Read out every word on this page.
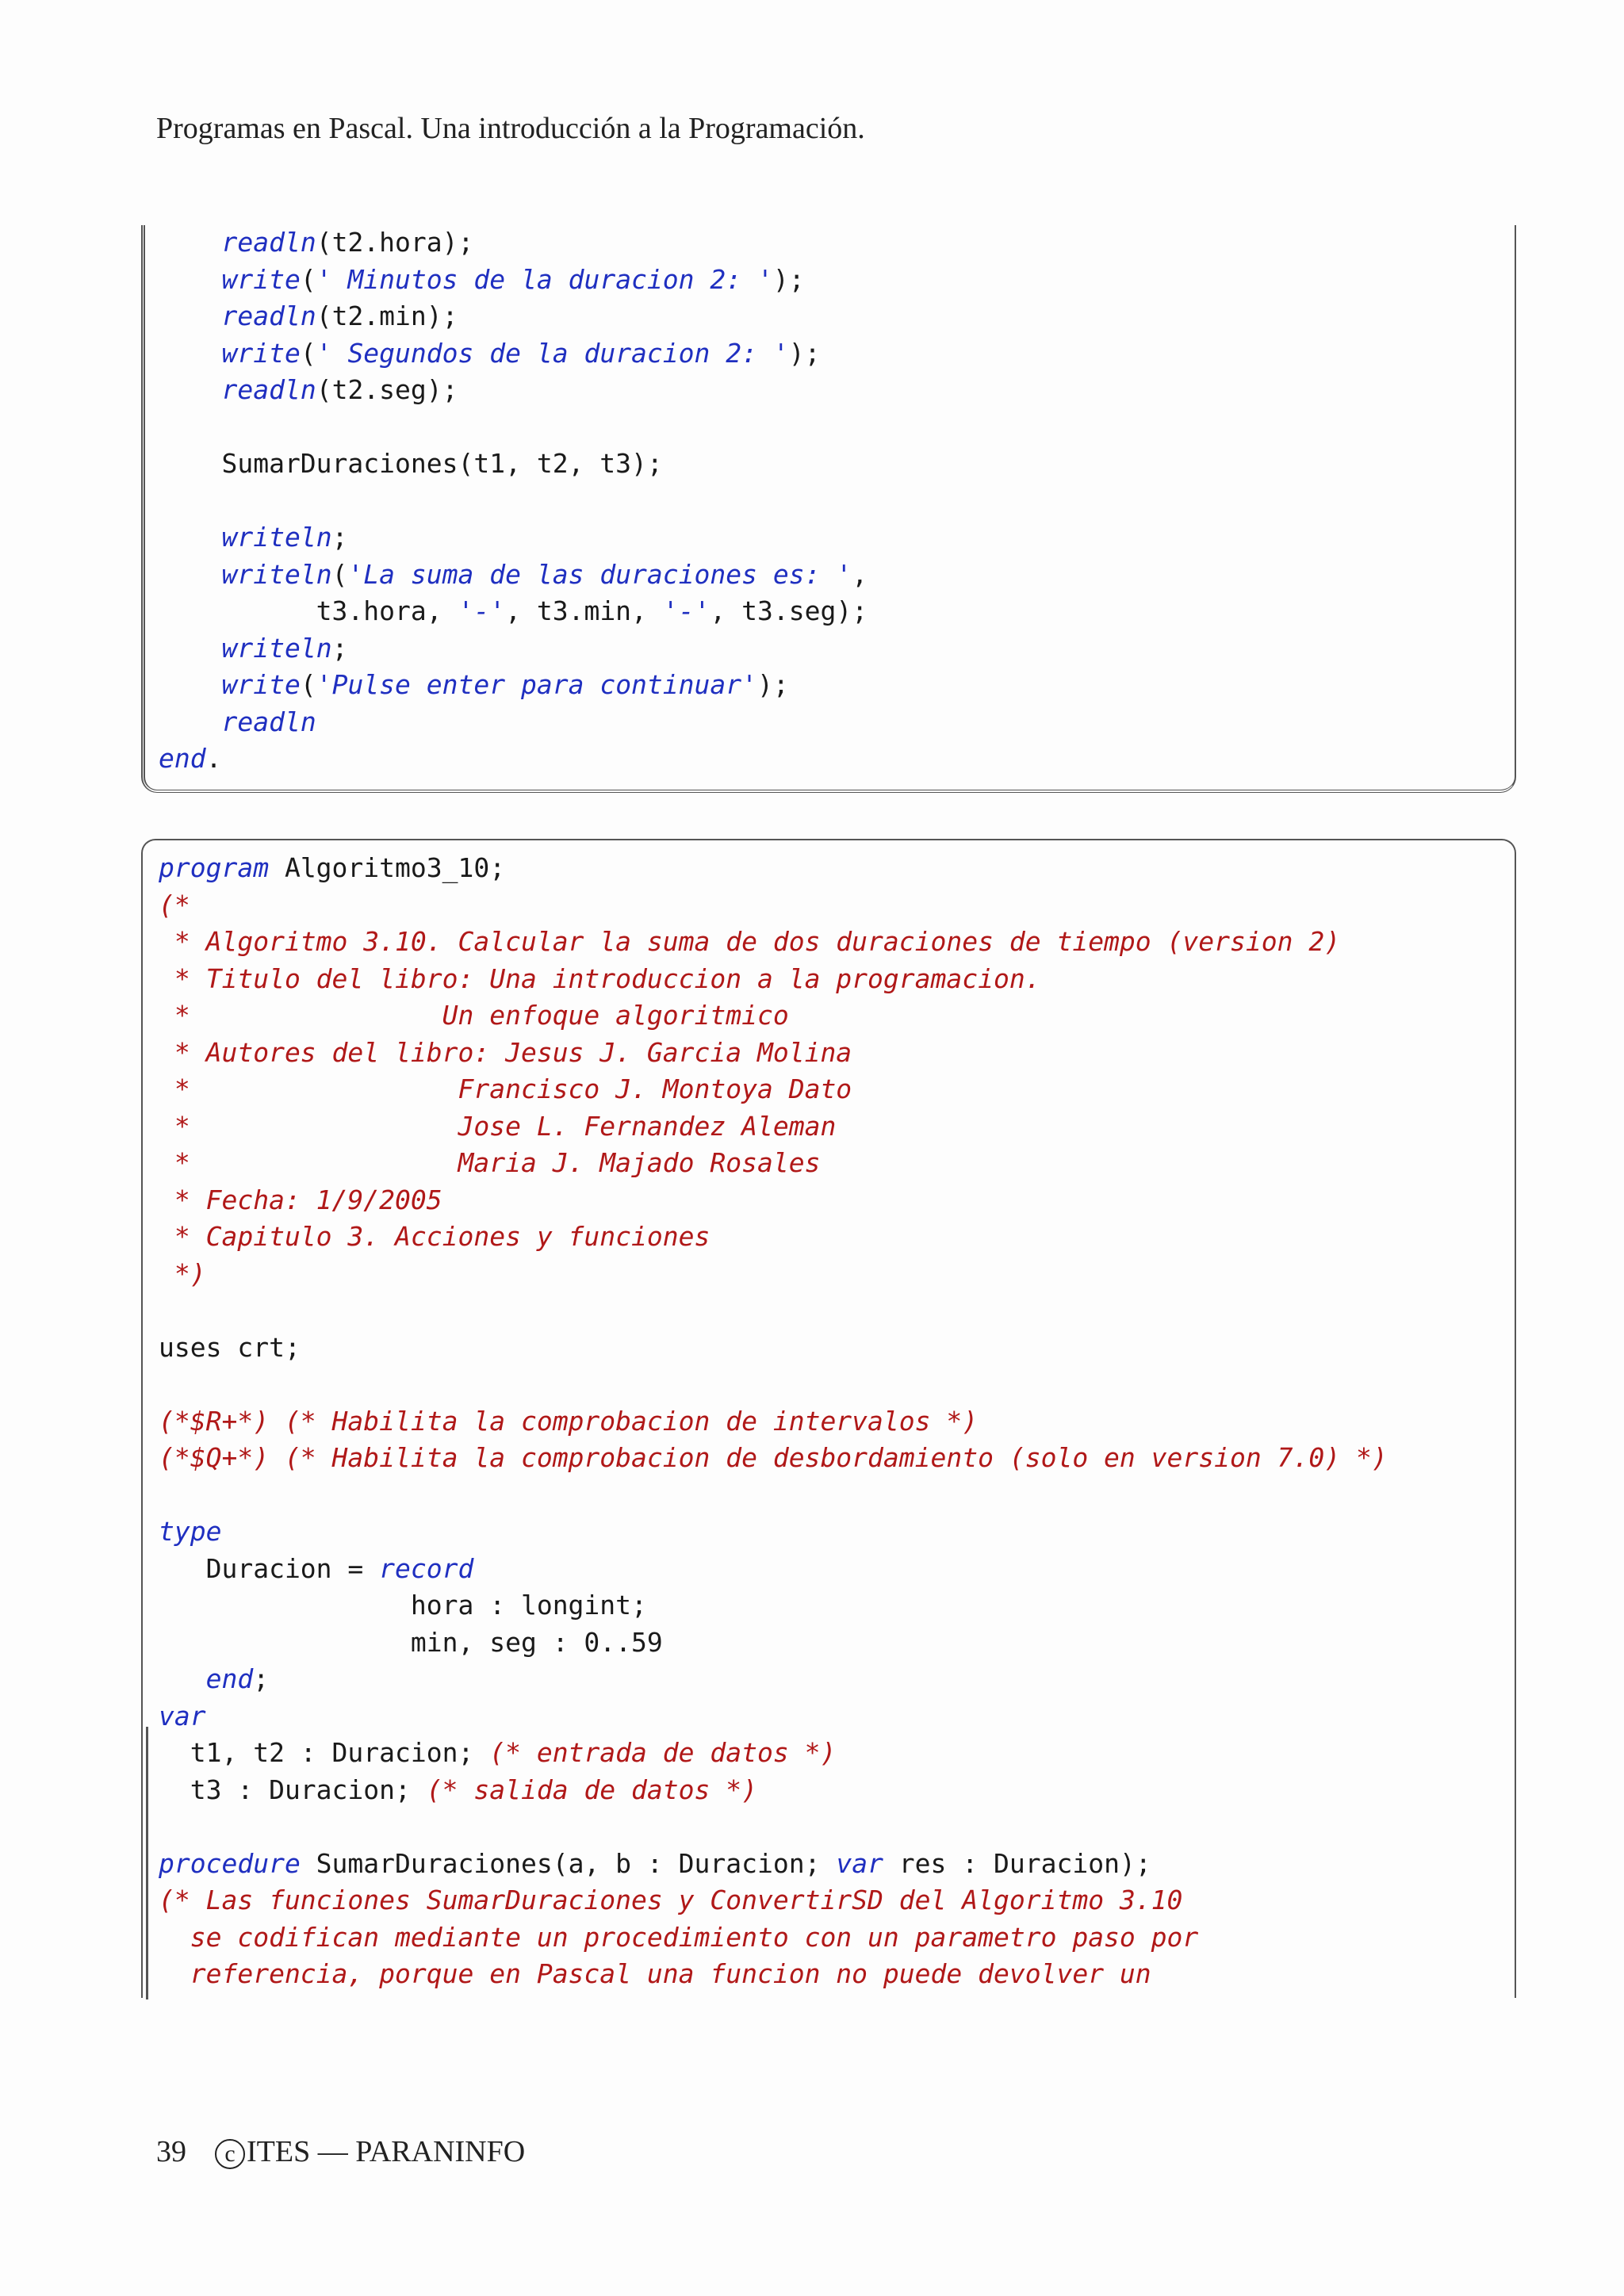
Programas en Pascal. Una introducción a la Programación.
readln(t2.hora);
write(' Minutos de la duracion 2: ');
readln(t2.min);
write(' Segundos de la duracion 2: ');
readln(t2.seg);

SumarDuraciones(t1, t2, t3);

writeln;
writeln('La suma de las duraciones es: ',
t3.hora, '-', t3.min, '-', t3.seg);
writeln;
write('Pulse enter para continuar');
readln
end.
program Algoritmo3_10;
(*
* Algoritmo 3.10. Calcular la suma de dos duraciones de tiempo (version 2)
* Titulo del libro: Una introduccion a la programacion.
*                Un enfoque algoritmico
* Autores del libro: Jesus J. Garcia Molina
*                 Francisco J. Montoya Dato
*                 Jose L. Fernandez Aleman
*                 Maria J. Majado Rosales
* Fecha: 1/9/2005
* Capitulo 3. Acciones y funciones
*)

uses crt;

(*$R+*) (* Habilita la comprobacion de intervalos *)
(*$Q+*) (* Habilita la comprobacion de desbordamiento (solo en version 7.0) *)

type
Duracion = record
hora : longint;
min, seg : 0..59
end;
var
t1, t2 : Duracion; (* entrada de datos *)
t3 : Duracion; (* salida de datos *)

procedure SumarDuraciones(a, b : Duracion; var res : Duracion);
(* Las funciones SumarDuraciones y ConvertirSD del Algoritmo 3.10
se codifican mediante un procedimiento con un parametro paso por
referencia, porque en Pascal una funcion no puede devolver un
39 c ITES — PARANINFO
